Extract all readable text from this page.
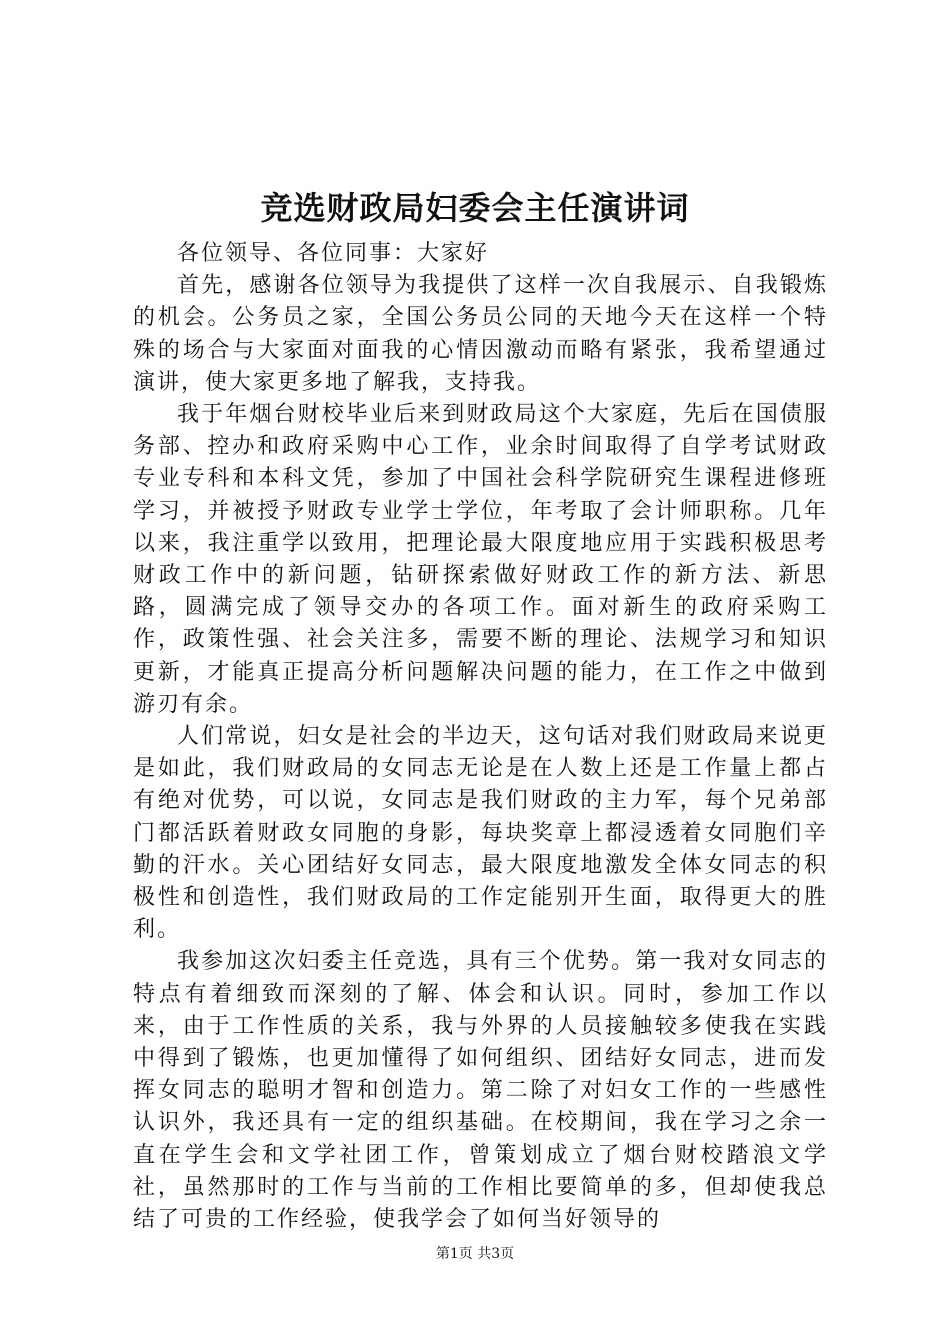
竞选财政局妇委会主任演讲词

各位领导、各位同事：大家好

首先，感谢各位领导为我提供了这样一次自我展示、自我锻炼的机会。公务员之家，全国公务员公同的天地今天在这样一个特殊的场合与大家面对面我的心情因激动而略有紧张，我希望通过演讲，使大家更多地了解我，支持我。

我于年烟台财校毕业后来到财政局这个大家庭，先后在国债服务部、控办和政府采购中心工作，业余时间取得了自学考试财政专业专科和本科文凭，参加了中国社会科学院研究生课程进修班学习，并被授予财政专业学士学位，年考取了会计师职称。几年以来，我注重学以致用，把理论最大限度地应用于实践积极思考财政工作中的新问题，钻研探索做好财政工作的新方法、新思路，圆满完成了领导交办的各项工作。面对新生的政府采购工作，政策性强、社会关注多，需要不断的理论、法规学习和知识更新，才能真正提高分析问题解决问题的能力，在工作之中做到游刃有余。

人们常说，妇女是社会的半边天，这句话对我们财政局来说更是如此，我们财政局的女同志无论是在人数上还是工作量上都占有绝对优势，可以说，女同志是我们财政的主力军，每个兄弟部门都活跃着财政女同胞的身影，每块奖章上都浸透着女同胞们辛勤的汗水。关心团结好女同志，最大限度地激发全体女同志的积极性和创造性，我们财政局的工作定能别开生面，取得更大的胜利。

我参加这次妇委主任竞选，具有三个优势。第一我对女同志的特点有着细致而深刻的了解、体会和认识。同时，参加工作以来，由于工作性质的关系，我与外界的人员接触较多使我在实践中得到了锻炼，也更加懂得了如何组织、团结好女同志，进而发挥女同志的聪明才智和创造力。第二除了对妇女工作的一些感性认识外，我还具有一定的组织基础。在校期间，我在学习之余一直在学生会和文学社团工作，曾策划成立了烟台财校踏浪文学社，虽然那时的工作与当前的工作相比要简单的多，但却使我总结了可贵的工作经验，使我学会了如何当好领导的

第1页 共3页
